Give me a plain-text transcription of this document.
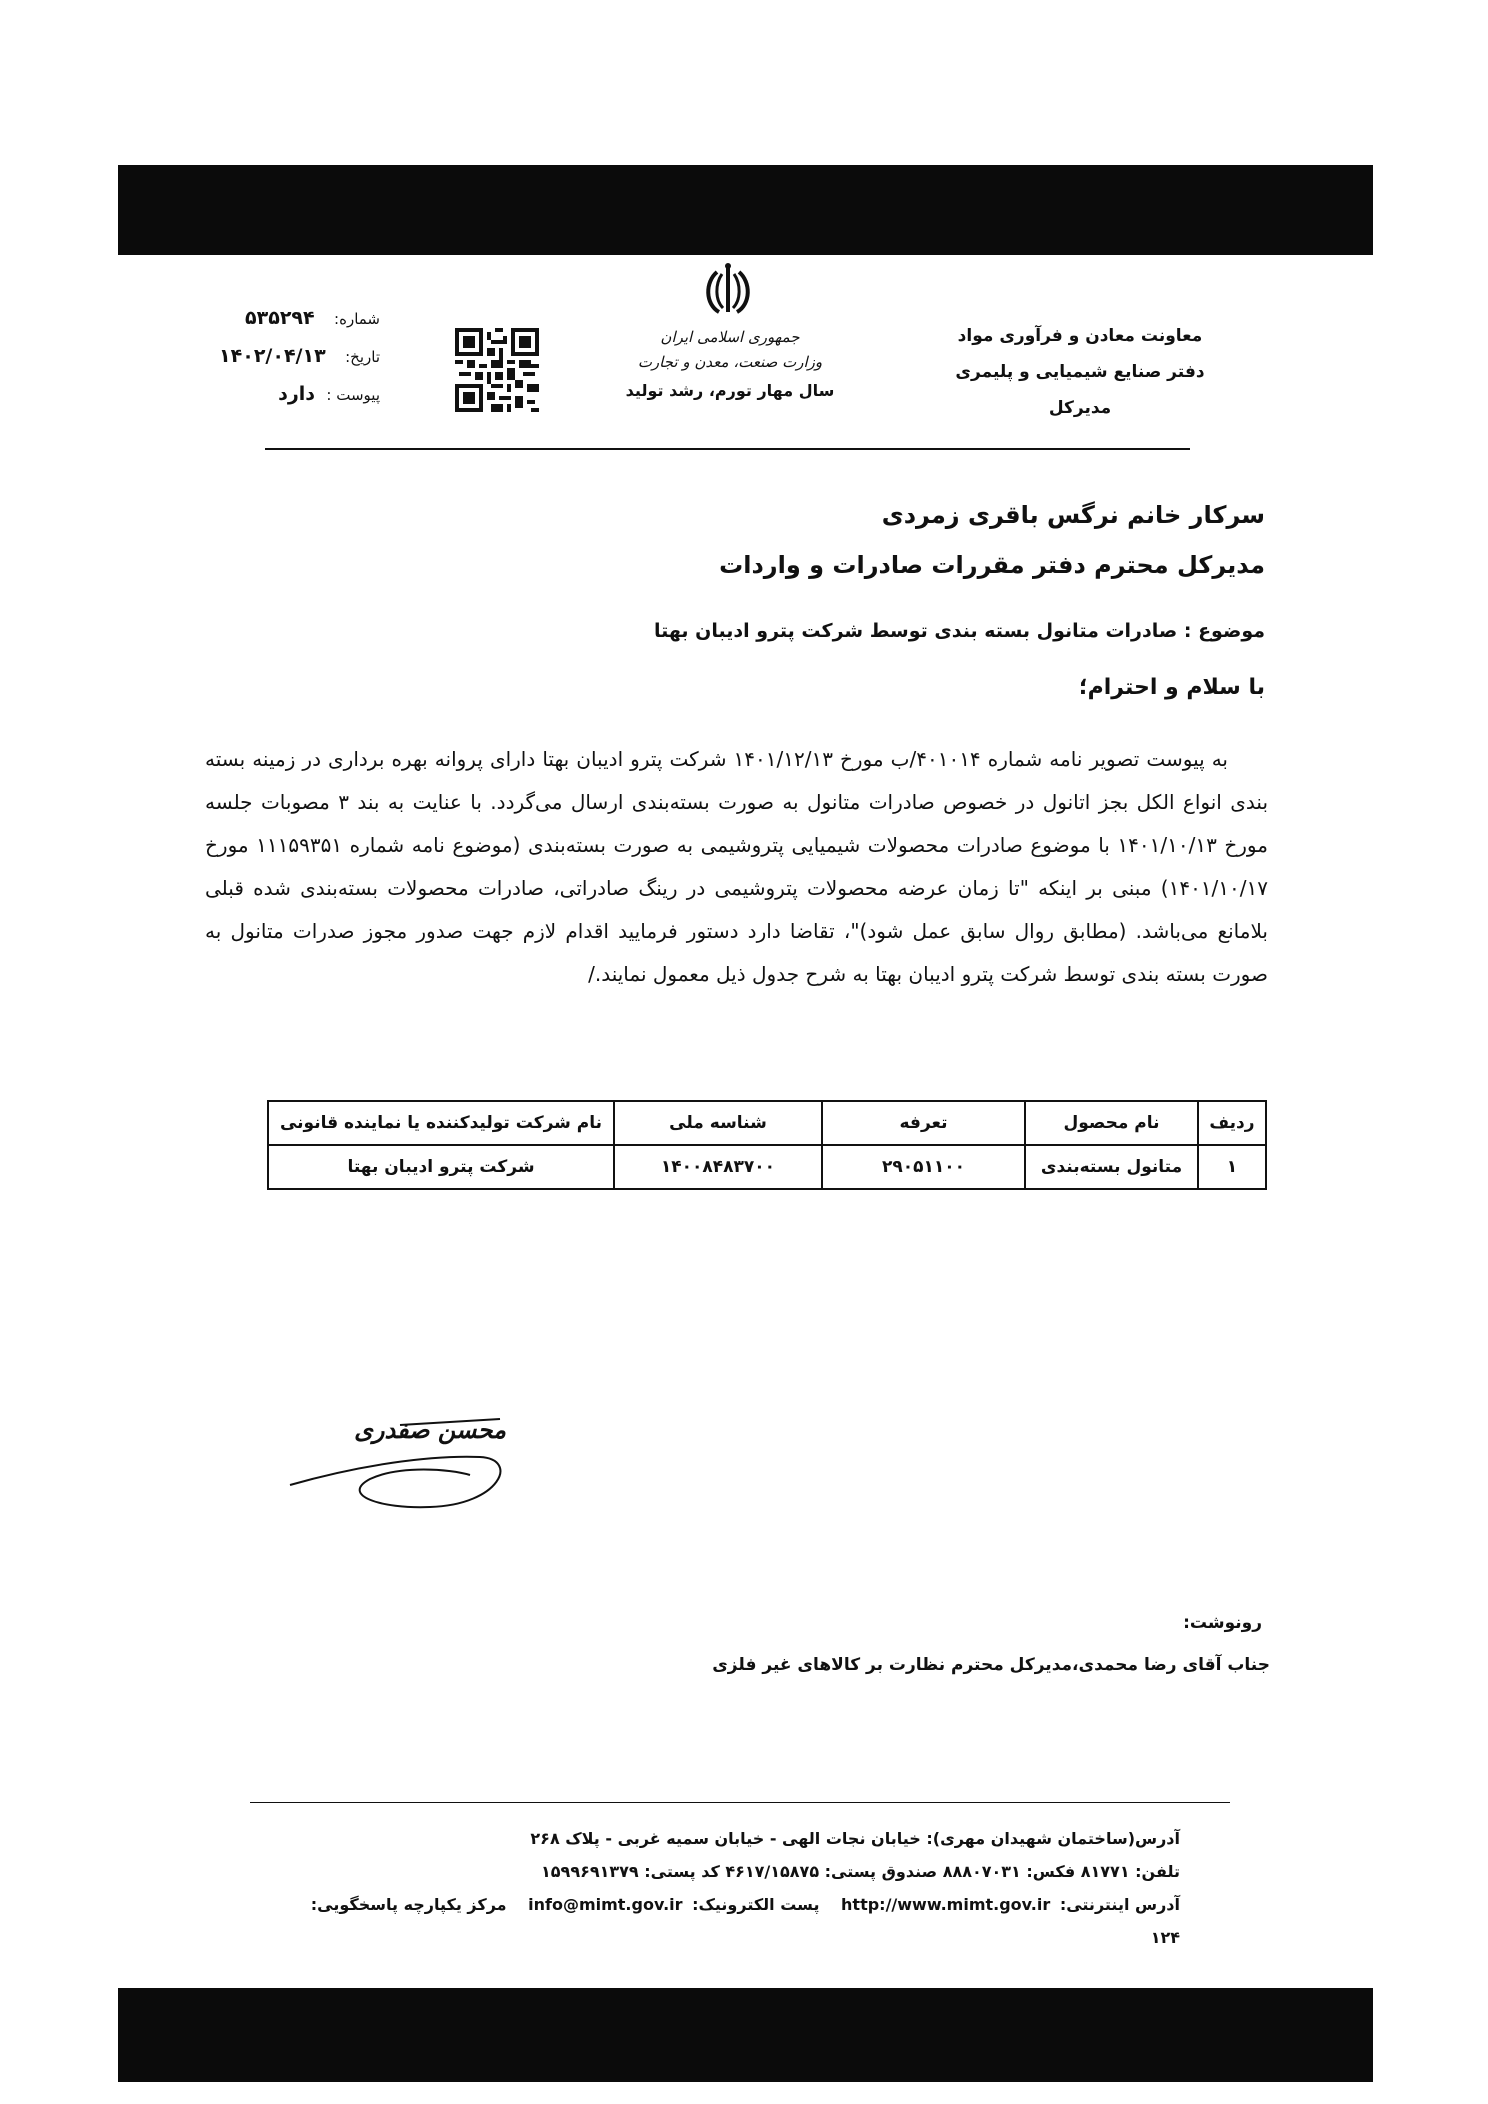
جمهوری اسلامی ایران
وزارت صنعت، معدن و تجارت
سال مهار تورم، رشد تولید
معاونت معادن و فرآوری مواد
دفتر صنایع شیمیایی و پلیمری
مدیرکل
شماره: ۵۳۵۲۹۴
تاریخ: ۱۴۰۲/۰۴/۱۳
پیوست : دارد
سرکار خانم نرگس باقری زمردی
مدیرکل محترم دفتر مقررات صادرات و واردات
موضوع : صادرات متانول بسته بندی توسط شرکت پترو ادیبان بهتا
با سلام و احترام؛
به پیوست تصویر نامه شماره ۴۰۱۰۱۴/ب مورخ ۱۴۰۱/۱۲/۱۳ شرکت پترو ادیبان بهتا دارای پروانه بهره برداری در زمینه بسته بندی انواع الکل بجز اتانول در خصوص صادرات متانول به صورت بسته‌بندی ارسال می‌گردد. با عنایت به بند ۳ مصوبات جلسه مورخ ۱۴۰۱/۱۰/۱۳ با موضوع صادرات محصولات شیمیایی پتروشیمی به صورت بسته‌بندی (موضوع نامه شماره ۱۱۱۵۹۳۵۱ مورخ ۱۴۰۱/۱۰/۱۷) مبنی بر اینکه "تا زمان عرضه محصولات پتروشیمی در رینگ صادراتی، صادرات محصولات بسته‌بندی شده قبلی بلامانع می‌باشد. (مطابق روال سابق عمل شود)"، تقاضا دارد دستور فرمایید اقدام لازم جهت صدور مجوز صدرات متانول به صورت بسته بندی توسط شرکت پترو ادیبان بهتا به شرح جدول ذیل معمول نمایند./
ردیف	نام محصول	تعرفه	شناسه ملی	نام شرکت تولیدکننده یا نماینده قانونی
۱	متانول بسته‌بندی	۲۹۰۵۱۱۰۰	۱۴۰۰۸۴۸۳۷۰۰	شرکت پترو ادیبان بهتا
محسن صفدری
رونوشت:
جناب آقای رضا محمدی،مدیرکل محترم نظارت بر کالاهای غیر فلزی
آدرس(ساختمان شهیدان مهری): خیابان نجات الهی - خیابان سمیه غربی - پلاک ۲۶۸
تلفن: ۸۱۷۷۱ فکس: ۸۸۸۰۷۰۳۱ صندوق پستی: ۴۶۱۷/۱۵۸۷۵ کد پستی: ۱۵۹۹۶۹۱۳۷۹
آدرس اینترنتی: http://www.mimt.gov.ir پست الکترونیک: info@mimt.gov.ir مرکز یکپارچه پاسخگویی: ۱۲۴
